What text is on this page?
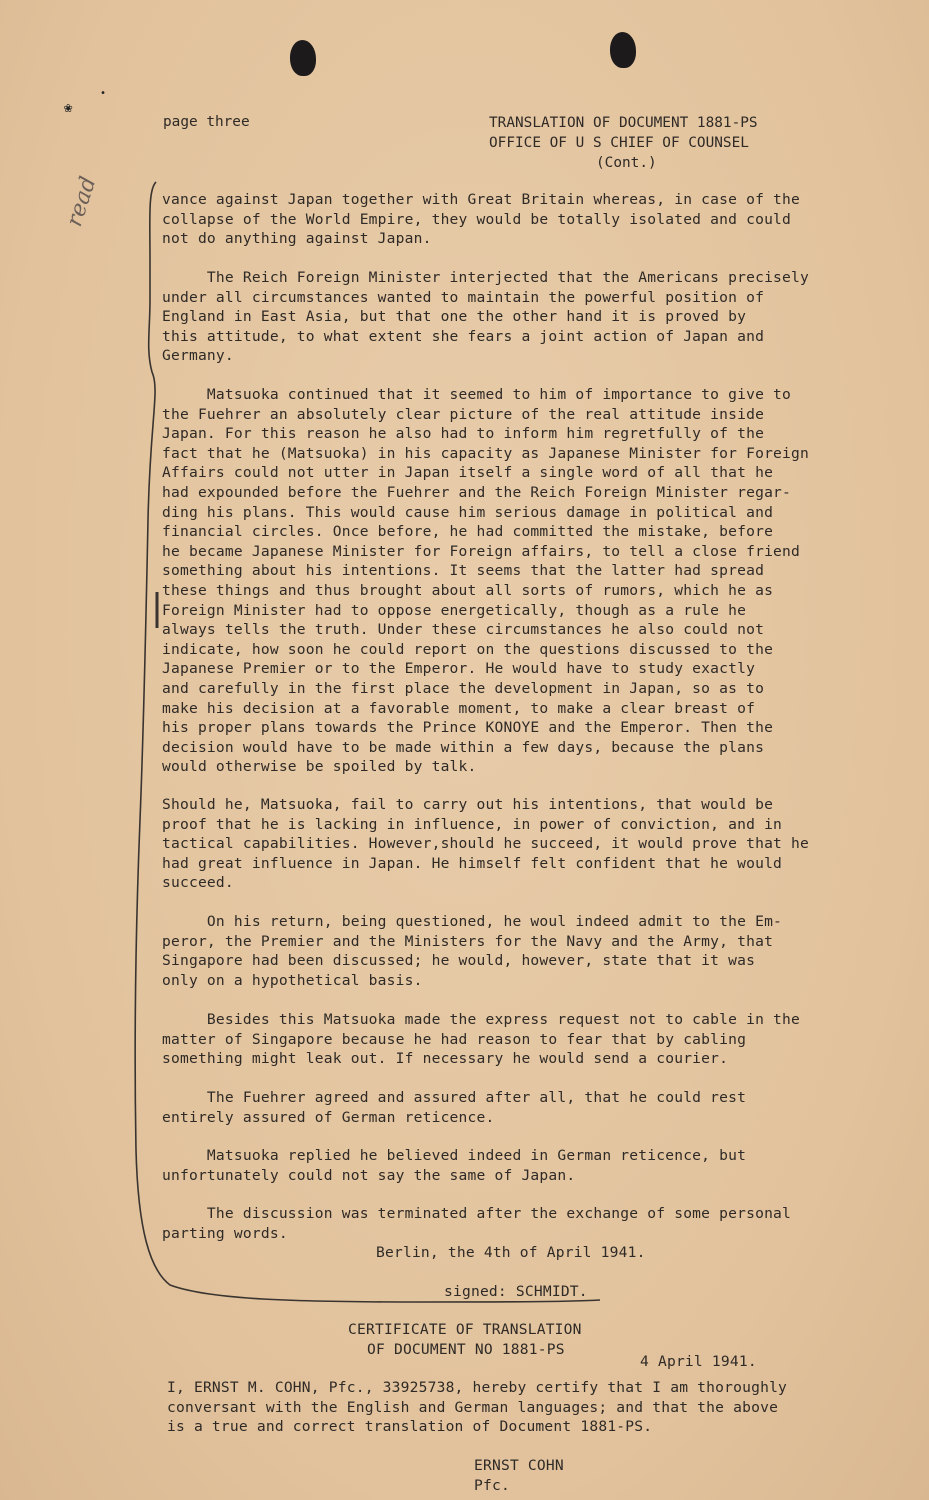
❀
•
read
page three	TRANSLATION OF DOCUMENT 1881-PS
OFFICE OF U S CHIEF OF COUNSEL
(Cont.)
vance against Japan together with Great Britain whereas, in case of the
collapse of the World Empire, they would be totally isolated and could
not do anything against Japan.
The Reich Foreign Minister interjected that the Americans precisely
under all circumstances wanted to maintain the powerful position of
England in East Asia, but that one the other hand it is proved by
this attitude, to what extent she fears a joint action of Japan and
Germany.
Matsuoka continued that it seemed to him of importance to give to
the Fuehrer an absolutely clear picture of the real attitude inside
Japan. For this reason he also had to inform him regretfully of the
fact that he (Matsuoka) in his capacity as Japanese Minister for Foreign
Affairs could not utter in Japan itself a single word of all that he
had expounded before the Fuehrer and the Reich Foreign Minister regar-
ding his plans. This would cause him serious damage in political and
financial circles. Once before, he had committed the mistake, before
he became Japanese Minister for Foreign affairs, to tell a close friend
something about his intentions. It seems that the latter had spread
these things and thus brought about all sorts of rumors, which he as
Foreign Minister had to oppose energetically, though as a rule he
always tells the truth. Under these circumstances he also could not
indicate, how soon he could report on the questions discussed to the
Japanese Premier or to the Emperor. He would have to study exactly
and carefully in the first place the development in Japan, so as to
make his decision at a favorable moment, to make a clear breast of
his proper plans towards the Prince KONOYE and the Emperor. Then the
decision would have to be made within a few days, because the plans
would otherwise be spoiled by talk.
Should he, Matsuoka, fail to carry out his intentions, that would be
proof that he is lacking in influence, in power of conviction, and in
tactical capabilities. However,should he succeed, it would prove that he
had great influence in Japan. He himself felt confident that he would
succeed.
On his return, being questioned, he woul indeed admit to the Em-
peror, the Premier and the Ministers for the Navy and the Army, that
Singapore had been discussed; he would, however, state that it was
only on a hypothetical basis.
Besides this Matsuoka made the express request not to cable in the
matter of Singapore because he had reason to fear that by cabling
something might leak out. If necessary he would send a courier.
The Fuehrer agreed and assured after all, that he could rest
entirely assured of German reticence.
Matsuoka replied he believed indeed in German reticence, but
unfortunately could not say the same of Japan.
The discussion was terminated after the exchange of some personal
parting words.
Berlin, the 4th of April 1941.
signed: SCHMIDT.
CERTIFICATE OF TRANSLATION
OF DOCUMENT NO 1881-PS
4 April 1941.
I, ERNST M. COHN, Pfc., 33925738, hereby certify that I am thoroughly
conversant with the English and German languages; and that the above
is a true and correct translation of Document 1881-PS.
ERNST COHN
Pfc.
